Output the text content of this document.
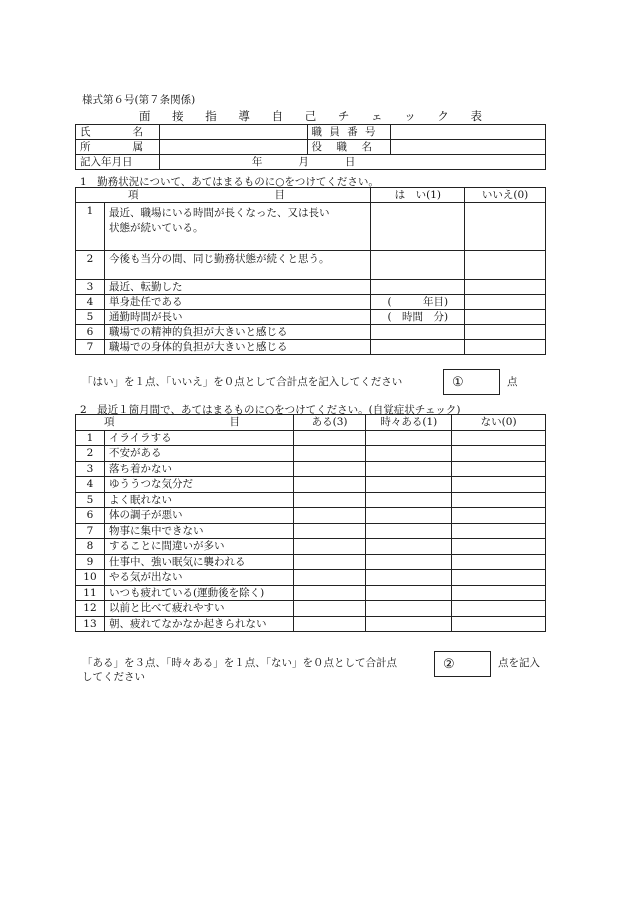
様式第６号(第７条関係)
面 接 指 導 自 己 チ ェ ッ ク 表
氏　　　　名		職 員 番 号	
所　　　　属		役　職　名	
記入年月日	年 月 日		
1　勤務状況について、あてはまるものに○をつけてください。
項 目		は　い(1)	いいえ(0)
1	最近、職場にいる時間が長くなった、又は長い
状態が続いている。		
2	今後も当分の間、同じ勤務状態が続くと思う。		
3	最近、転勤した		
4	単身赴任である	(　　　年目)	
5	通勤時間が長い	(　時間　分)	
6	職場での精神的負担が大きいと感じる		
7	職場での身体的負担が大きいと感じる		
「はい」を１点、「いいえ」を０点として合計点を記入してください	①	点
2　最近１箇月間で、あてはまるものに○をつけてください。(自覚症状チェック)
項 目		ある(3)	時々ある(1)	ない(0)
1	イライラする			
2	不安がある			
3	落ち着かない			
4	ゆううつな気分だ			
5	よく眠れない			
6	体の調子が悪い			
7	物事に集中できない			
8	することに間違いが多い			
9	仕事中、強い眠気に襲われる			
10	やる気が出ない			
11	いつも疲れている(運動後を除く)			
12	以前と比べて疲れやすい			
13	朝、疲れてなかなか起きられない			
「ある」を３点、「時々ある」を１点、「ない」を０点として合計点
してください
②	点を記入
